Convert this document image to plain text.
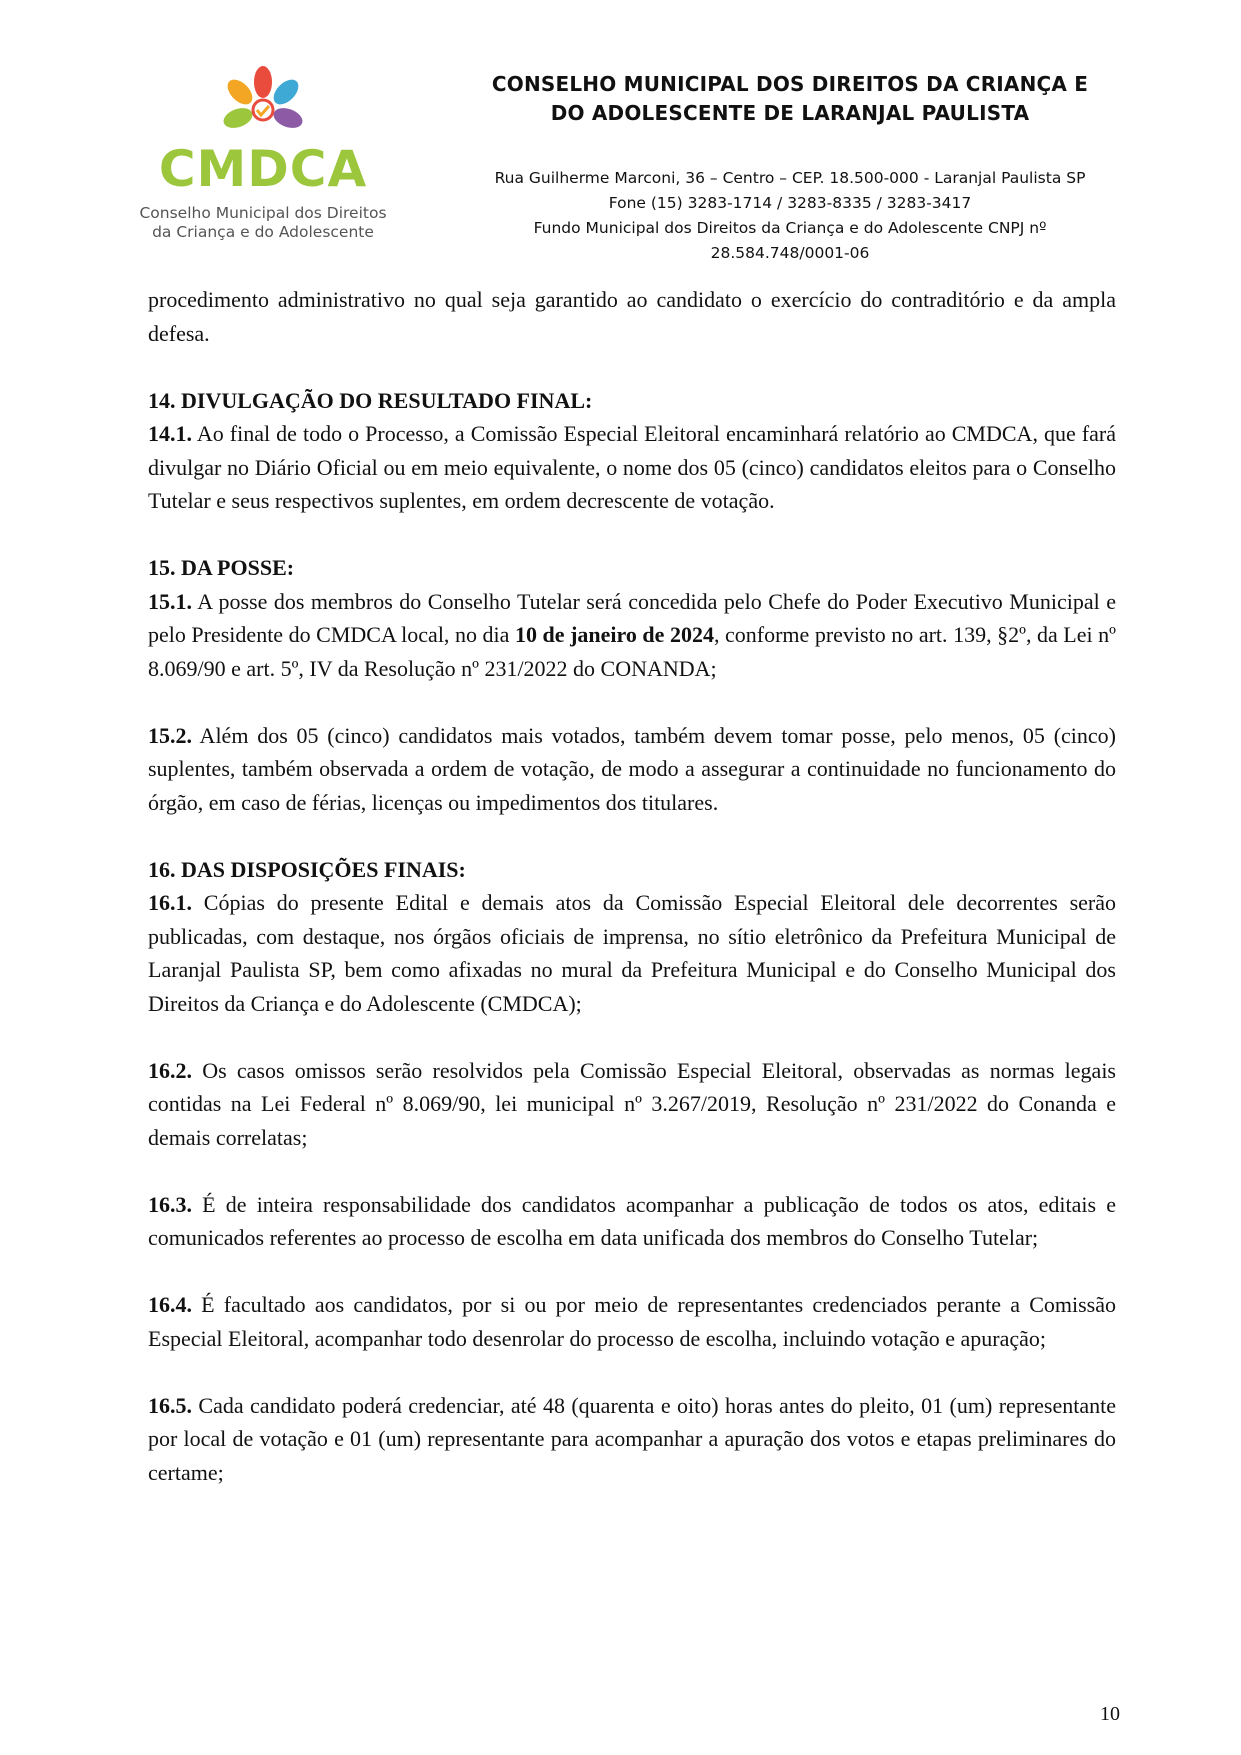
CMDCA
Conselho Municipal dos Direitos
da Criança e do Adolescente
CONSELHO MUNICIPAL DOS DIREITOS DA CRIANÇA E
DO ADOLESCENTE DE LARANJAL PAULISTA
Rua Guilherme Marconi, 36 – Centro – CEP. 18.500-000 - Laranjal Paulista SP
Fone (15) 3283-1714 / 3283-8335 / 3283-3417
Fundo Municipal dos Direitos da Criança e do Adolescente CNPJ nº
28.584.748/0001-06

procedimento administrativo no qual seja garantido ao candidato o exercício do contraditório e da ampla defesa.

14. DIVULGAÇÃO DO RESULTADO FINAL:

14.1. Ao final de todo o Processo, a Comissão Especial Eleitoral encaminhará relatório ao CMDCA, que fará divulgar no Diário Oficial ou em meio equivalente, o nome dos 05 (cinco) candidatos eleitos para o Conselho Tutelar e seus respectivos suplentes, em ordem decrescente de votação.

15. DA POSSE:

15.1. A posse dos membros do Conselho Tutelar será concedida pelo Chefe do Poder Executivo Municipal e pelo Presidente do CMDCA local, no dia 10 de janeiro de 2024, conforme previsto no art. 139, §2º, da Lei nº 8.069/90 e art. 5º, IV da Resolução nº 231/2022 do CONANDA;

15.2. Além dos 05 (cinco) candidatos mais votados, também devem tomar posse, pelo menos, 05 (cinco) suplentes, também observada a ordem de votação, de modo a assegurar a continuidade no funcionamento do órgão, em caso de férias, licenças ou impedimentos dos titulares.

16. DAS DISPOSIÇÕES FINAIS:

16.1. Cópias do presente Edital e demais atos da Comissão Especial Eleitoral dele decorrentes serão publicadas, com destaque, nos órgãos oficiais de imprensa, no sítio eletrônico da Prefeitura Municipal de Laranjal Paulista SP, bem como afixadas no mural da Prefeitura Municipal e do Conselho Municipal dos Direitos da Criança e do Adolescente (CMDCA);

16.2. Os casos omissos serão resolvidos pela Comissão Especial Eleitoral, observadas as normas legais contidas na Lei Federal nº 8.069/90, lei municipal nº 3.267/2019, Resolução nº 231/2022 do Conanda e demais correlatas;

16.3. É de inteira responsabilidade dos candidatos acompanhar a publicação de todos os atos, editais e comunicados referentes ao processo de escolha em data unificada dos membros do Conselho Tutelar;

16.4. É facultado aos candidatos, por si ou por meio de representantes credenciados perante a Comissão Especial Eleitoral, acompanhar todo desenrolar do processo de escolha, incluindo votação e apuração;

16.5. Cada candidato poderá credenciar, até 48 (quarenta e oito) horas antes do pleito, 01 (um) representante por local de votação e 01 (um) representante para acompanhar a apuração dos votos e etapas preliminares do certame;

10
